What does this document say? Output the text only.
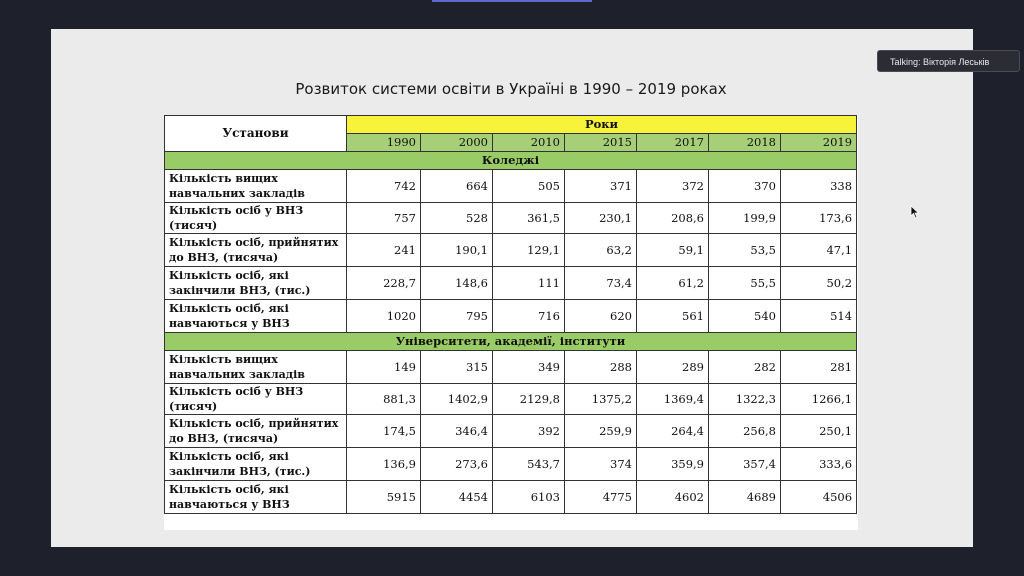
Розвиток системи освіти в Україні в 1990 – 2019 роках
Установи	Роки						
	1990	2000	2010	2015	2017	2018	2019
Коледжі							
Кількість вищих навчальних закладів	742	664	505	371	372	370	338
Кількість осіб у ВНЗ (тисяч)	757	528	361,5	230,1	208,6	199,9	173,6
Кількість осіб, прийнятих до ВНЗ, (тисяча)	241	190,1	129,1	63,2	59,1	53,5	47,1
Кількість осіб, які закінчили ВНЗ, (тис.)	228,7	148,6	111	73,4	61,2	55,5	50,2
Кількість осіб, які навчаються у ВНЗ	1020	795	716	620	561	540	514
Університети, академії, інститути							
Кількість вищих навчальних закладів	149	315	349	288	289	282	281
Кількість осіб у ВНЗ (тисяч)	881,3	1402,9	2129,8	1375,2	1369,4	1322,3	1266,1
Кількість осіб, прийнятих до ВНЗ, (тисяча)	174,5	346,4	392	259,9	264,4	256,8	250,1
Кількість осіб, які закінчили ВНЗ, (тис.)	136,9	273,6	543,7	374	359,9	357,4	333,6
Кількість осіб, які навчаються у ВНЗ	5915	4454	6103	4775	4602	4689	4506
Talking: Вікторія Леськів
